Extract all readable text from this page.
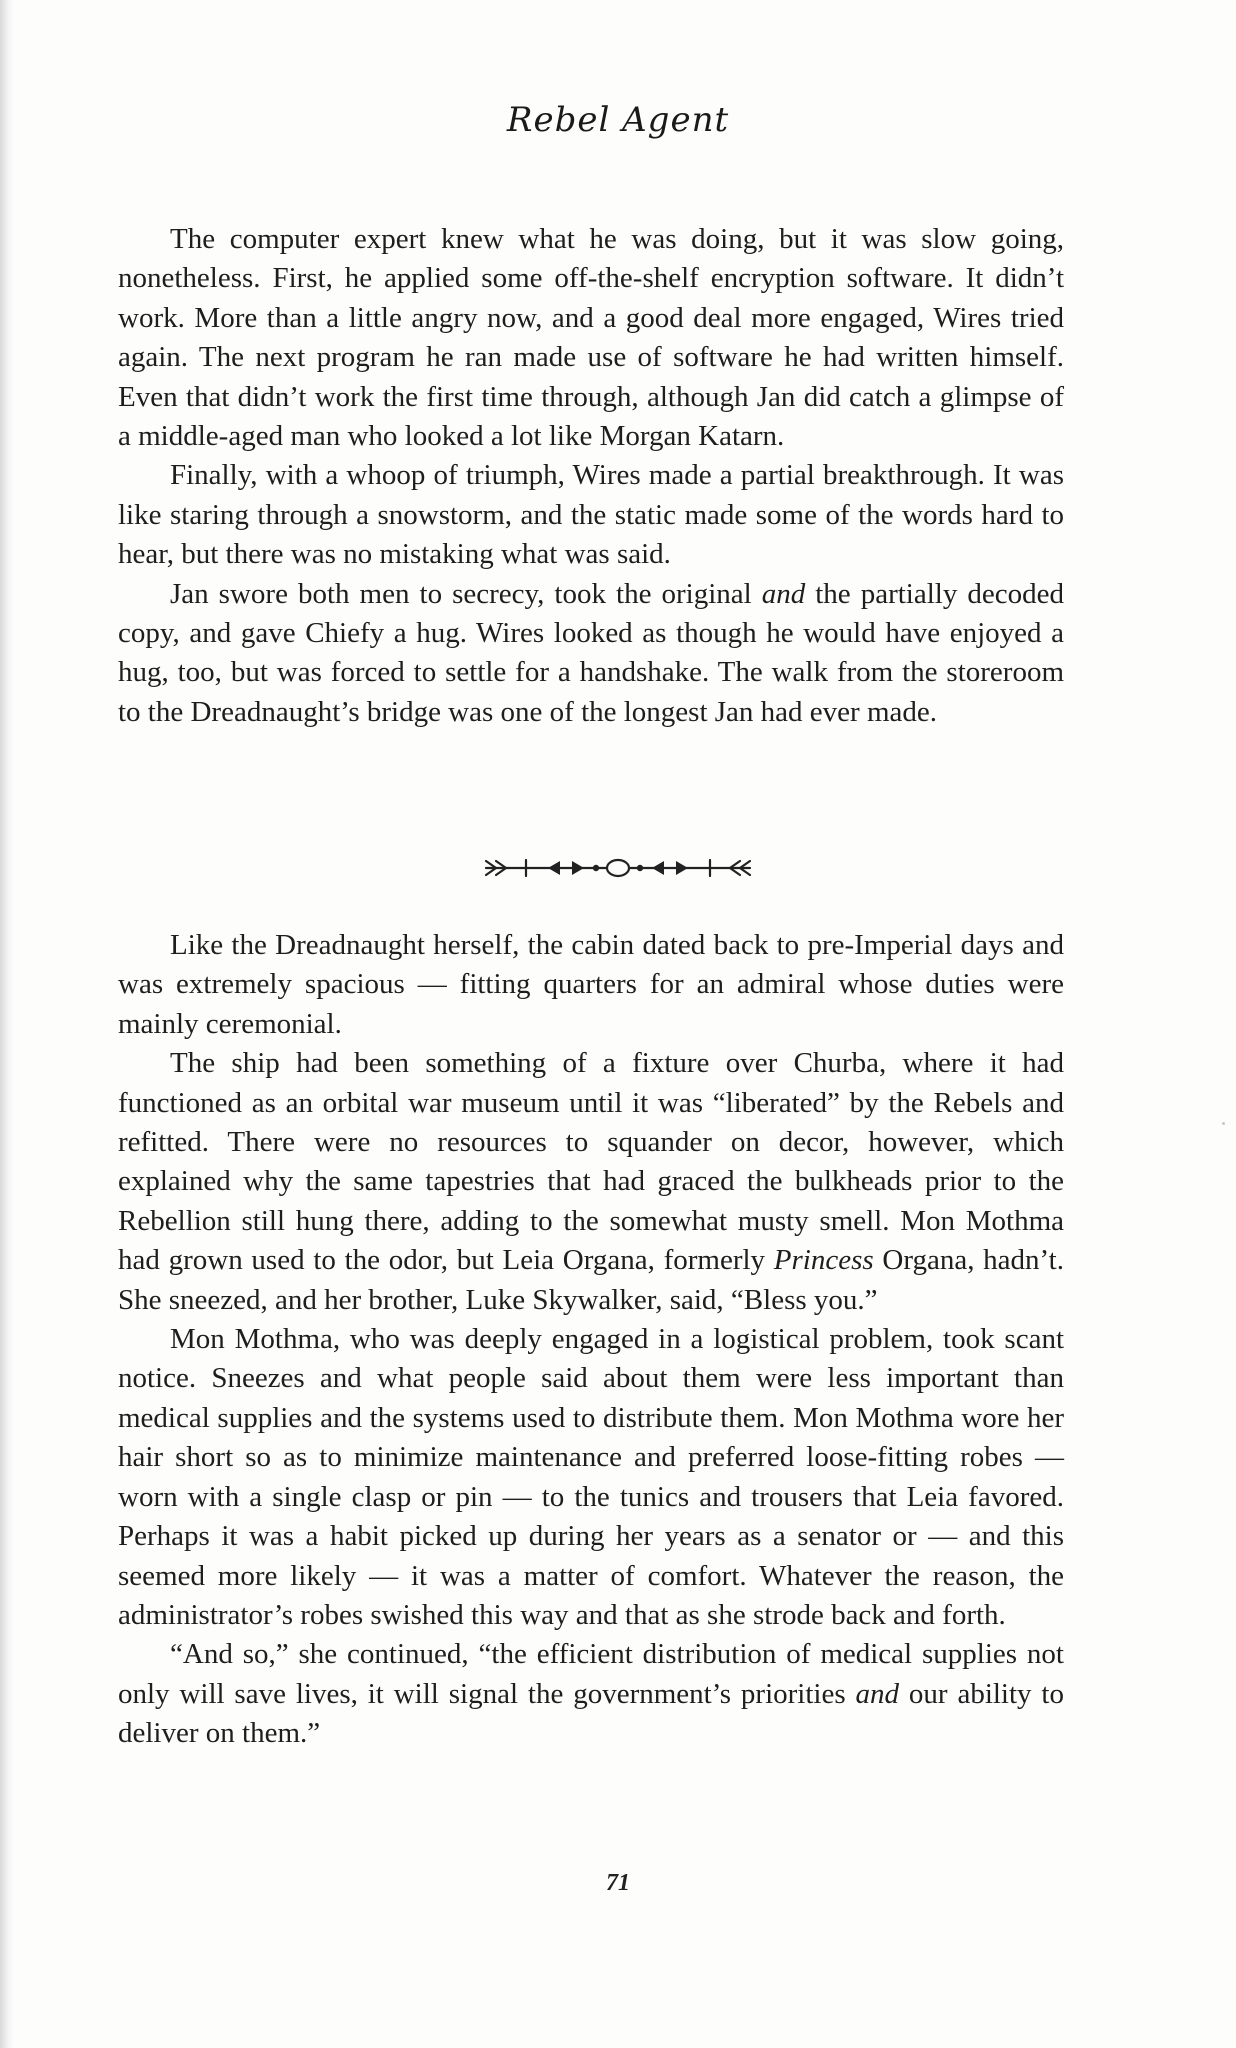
Rebel Agent

The computer expert knew what he was doing, but it was slow going, nonetheless. First, he applied some off-the-shelf encryption software. It didn’t work. More than a little angry now, and a good deal more engaged, Wires tried again. The next program he ran made use of software he had written himself. Even that didn’t work the first time through, although Jan did catch a glimpse of a middle-aged man who looked a lot like Morgan Katarn.

Finally, with a whoop of triumph, Wires made a partial breakthrough. It was like staring through a snowstorm, and the static made some of the words hard to hear, but there was no mistaking what was said.

Jan swore both men to secrecy, took the original and the partially decoded copy, and gave Chiefy a hug. Wires looked as though he would have enjoyed a hug, too, but was forced to settle for a handshake. The walk from the storeroom to the Dreadnaught’s bridge was one of the longest Jan had ever made.

Like the Dreadnaught herself, the cabin dated back to pre-Imperial days and was extremely spacious — fitting quarters for an admiral whose duties were mainly ceremonial.

The ship had been something of a fixture over Churba, where it had functioned as an orbital war museum until it was “liberated” by the Rebels and refitted. There were no resources to squander on decor, however, which explained why the same tapestries that had graced the bulkheads prior to the Rebellion still hung there, adding to the somewhat musty smell. Mon Mothma had grown used to the odor, but Leia Organa, formerly Princess Organa, hadn’t. She sneezed, and her brother, Luke Skywalker, said, “Bless you.”

Mon Mothma, who was deeply engaged in a logistical problem, took scant notice. Sneezes and what people said about them were less important than medical supplies and the systems used to distribute them. Mon Mothma wore her hair short so as to minimize maintenance and preferred loose-fitting robes — worn with a single clasp or pin — to the tunics and trousers that Leia favored. Perhaps it was a habit picked up during her years as a senator or — and this seemed more likely — it was a matter of comfort. Whatever the reason, the administrator’s robes swished this way and that as she strode back and forth.

“And so,” she continued, “the efficient distribution of medical supplies not only will save lives, it will signal the government’s priorities and our ability to deliver on them.”

71
